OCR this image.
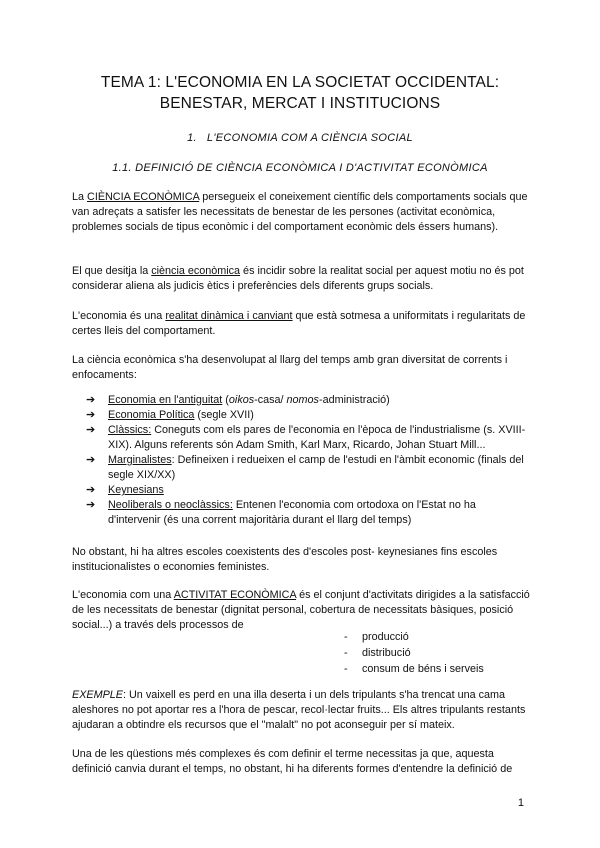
TEMA 1: L'ECONOMIA EN LA SOCIETAT OCCIDENTAL:
BENESTAR, MERCAT I INSTITUCIONS
1. L'ECONOMIA COM A CIÈNCIA SOCIAL
1.1. DEFINICIÓ DE CIÈNCIA ECONÒMICA I D'ACTIVITAT ECONÒMICA
La CIÈNCIA ECONÒMICA persegueix el coneixement científic dels comportaments socials que van adreçats a satisfer les necessitats de benestar de les persones (activitat econòmica, problemes socials de tipus econòmic i del comportament econòmic dels éssers humans).
El que desitja la ciència econòmica és incidir sobre la realitat social per aquest motiu no és pot considerar aliena als judicis ètics i preferències dels diferents grups socials.
L'economia és una realitat dinàmica i canviant que està sotmesa a uniformitats i regularitats de certes lleis del comportament.
La ciència econòmica s'ha desenvolupat al llarg del temps amb gran diversitat de corrents i enfocaments:
➔ Economia en l'antiguitat (oikos-casa/ nomos-administració)
➔ Economia Política (segle XVII)
➔ Clàssics: Coneguts com els pares de l'economia en l'època de l'industrialisme (s. XVIII-XIX). Alguns referents són Adam Smith, Karl Marx, Ricardo, Johan Stuart Mill...
➔ Marginalistes: Defineixen i redueixen el camp de l'estudi en l'àmbit economic (finals del segle XIX/XX)
➔ Keynesians
➔ Neoliberals o neoclàssics: Entenen l'economia com ortodoxa on l'Estat no ha d'intervenir (és una corrent majoritària durant el llarg del temps)
No obstant, hi ha altres escoles coexistents des d'escoles post- keynesianes fins escoles institucionalistes o economies feministes.
L'economia com una ACTIVITAT ECONÒMICA és el conjunt d'activitats dirigides a la satisfacció de les necessitats de benestar (dignitat personal, cobertura de necessitats bàsiques, posició social...) a través dels processos de
- producció
- distribució
- consum de béns i serveis
EXEMPLE: Un vaixell es perd en una illa deserta i un dels tripulants s'ha trencat una cama aleshores no pot aportar res a l'hora de pescar, recol·lectar fruits... Els altres tripulants restants ajudaran a obtindre els recursos que el "malalt" no pot aconseguir per sí mateix.
Una de les qüestions més complexes és com definir el terme necessitas ja que, aquesta definició canvia durant el temps, no obstant, hi ha diferents formes d'entendre la definició de
1
